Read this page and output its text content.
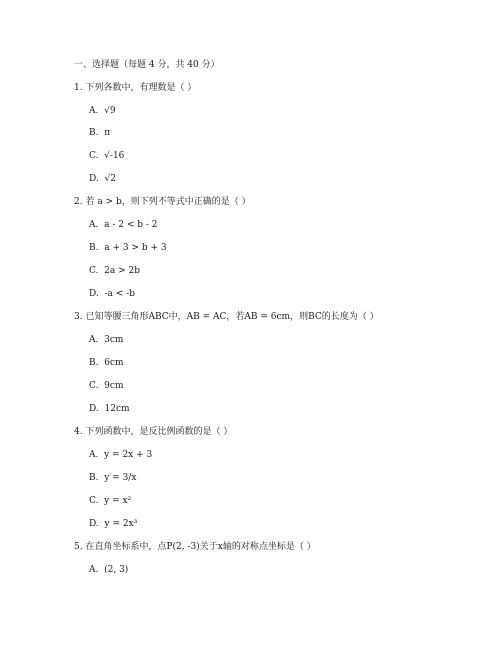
一、选择题（每题 4 分，共 40 分）
1. 下列各数中，有理数是（ ）
A. √9
B. π
C. √-16
D. √2
2. 若 a > b，则下列不等式中正确的是（ ）
A. a - 2 < b - 2
B. a + 3 > b + 3
C. 2a > 2b
D. -a < -b
3. 已知等腰三角形ABC中，AB = AC，若AB = 6cm，则BC的长度为（ ）
A. 3cm
B. 6cm
C. 9cm
D. 12cm
4. 下列函数中，是反比例函数的是（ ）
A. y = 2x + 3
B. y = 3/x
C. y = x²
D. y = 2x³
5. 在直角坐标系中，点P(2, -3)关于x轴的对称点坐标是（ ）
A. (2, 3)
